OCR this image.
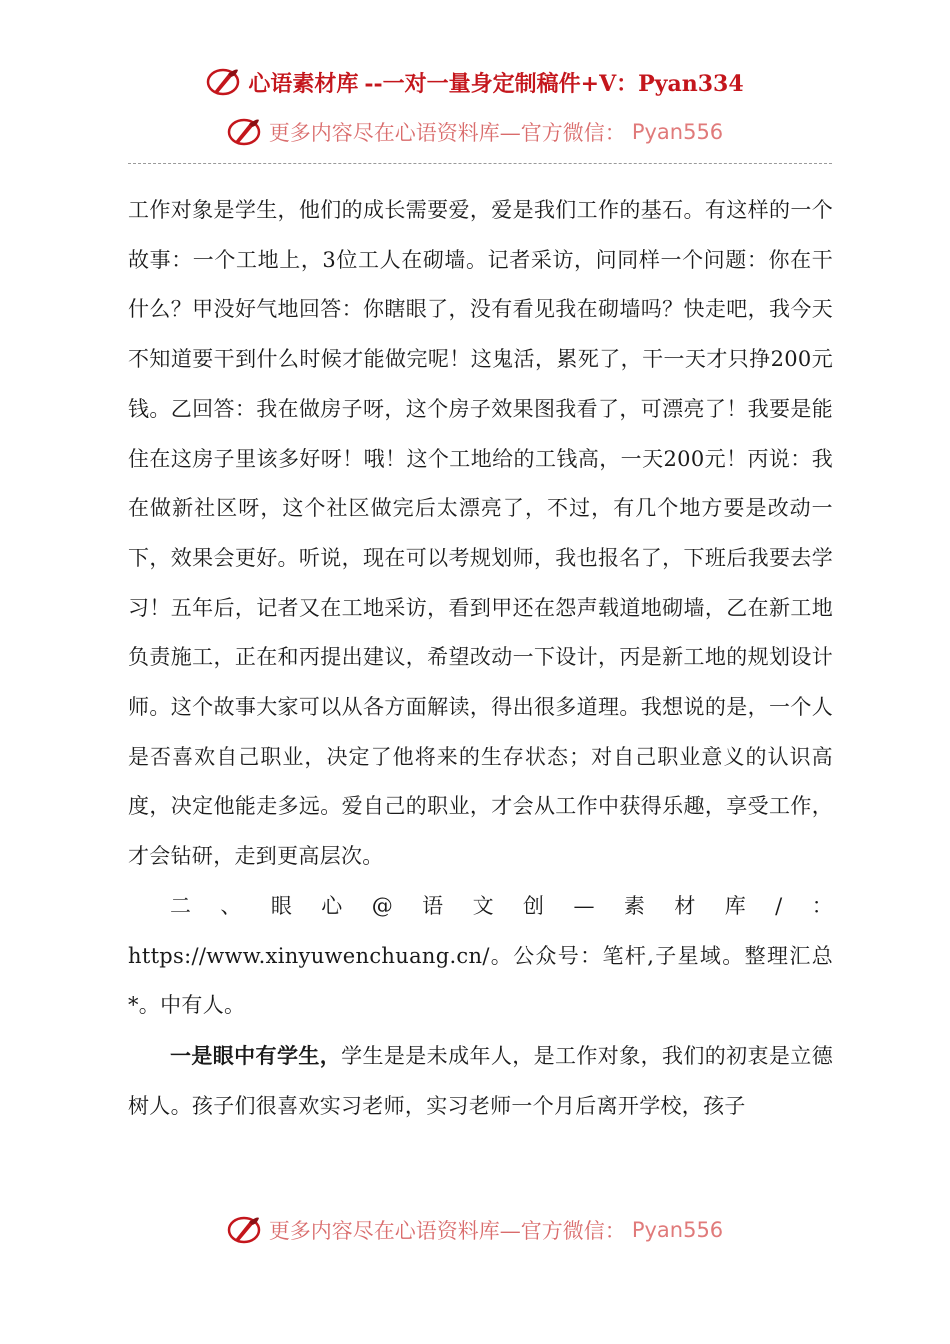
心语素材库 --一对一量身定制稿件+V：Pyan334
更多内容尽在心语资料库—官方微信： Pyan556

工作对象是学生，他们的成长需要爱，爱是我们工作的基石。有这样的一个故事：一个工地上，3位工人在砌墙。记者采访，问同样一个问题：你在干什么？甲没好气地回答：你瞎眼了，没有看见我在砌墙吗？快走吧，我今天不知道要干到什么时候才能做完呢！这鬼活，累死了，干一天才只挣200元钱。乙回答：我在做房子呀，这个房子效果图我看了，可漂亮了！我要是能住在这房子里该多好呀！哦！这个工地给的工钱高，一天200元！丙说：我在做新社区呀，这个社区做完后太漂亮了，不过，有几个地方要是改动一下，效果会更好。听说，现在可以考规划师，我也报名了，下班后我要去学习！五年后，记者又在工地采访，看到甲还在怨声载道地砌墙，乙在新工地负责施工，正在和丙提出建议，希望改动一下设计，丙是新工地的规划设计师。这个故事大家可以从各方面解读，得出很多道理。我想说的是，一个人是否喜欢自己职业，决定了他将来的生存状态；对自己职业意义的认识高度，决定他能走多远。爱自己的职业，才会从工作中获得乐趣，享受工作，才会钻研，走到更高层次。

二、眼心@语文创—素材库/：https://www.xinyuwenchuang.cn/。公众号：笔杆,子星域。整理汇总*。中有人。

一是眼中有学生，学生是是未成年人，是工作对象，我们的初衷是立德树人。孩子们很喜欢实习老师，实习老师一个月后离开学校，孩子

更多内容尽在心语资料库—官方微信： Pyan556
